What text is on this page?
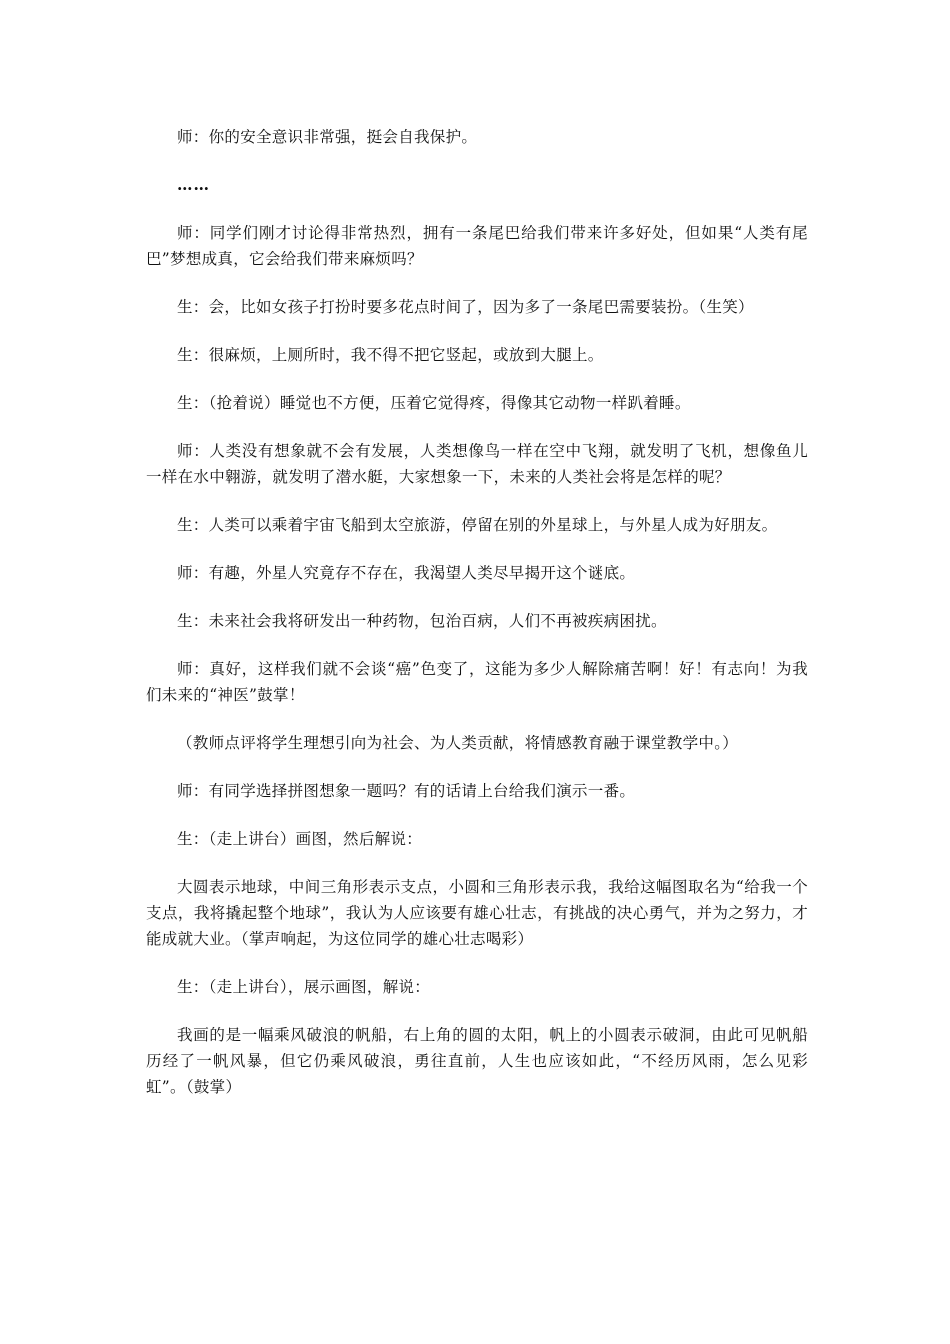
师：你的安全意识非常强，挺会自我保护。

……

师：同学们刚才讨论得非常热烈，拥有一条尾巴给我们带来许多好处，但如果“人类有尾巴”梦想成真，它会给我们带来麻烦吗？

生：会，比如女孩子打扮时要多花点时间了，因为多了一条尾巴需要装扮。（生笑）

生：很麻烦，上厕所时，我不得不把它竖起，或放到大腿上。

生：（抢着说）睡觉也不方便，压着它觉得疼，得像其它动物一样趴着睡。

师：人类没有想象就不会有发展，人类想像鸟一样在空中飞翔，就发明了飞机，想像鱼儿一样在水中翱游，就发明了潜水艇，大家想象一下，未来的人类社会将是怎样的呢？

生：人类可以乘着宇宙飞船到太空旅游，停留在别的外星球上，与外星人成为好朋友。

师：有趣，外星人究竟存不存在，我渴望人类尽早揭开这个谜底。

生：未来社会我将研发出一种药物，包治百病，人们不再被疾病困扰。

师：真好，这样我们就不会谈“癌”色变了，这能为多少人解除痛苦啊！好！有志向！为我们未来的“神医”鼓掌！

（教师点评将学生理想引向为社会、为人类贡献，将情感教育融于课堂教学中。）

师：有同学选择拼图想象一题吗？有的话请上台给我们演示一番。

生：（走上讲台）画图，然后解说：

大圆表示地球，中间三角形表示支点，小圆和三角形表示我，我给这幅图取名为“给我一个支点，我将撬起整个地球”，我认为人应该要有雄心壮志，有挑战的决心勇气，并为之努力，才能成就大业。（掌声响起，为这位同学的雄心壮志喝彩）

生：（走上讲台），展示画图，解说：

我画的是一幅乘风破浪的帆船，右上角的圆的太阳，帆上的小圆表示破洞，由此可见帆船历经了一帆风暴，但它仍乘风破浪，勇往直前，人生也应该如此，“不经历风雨，怎么见彩虹”。（鼓掌）
